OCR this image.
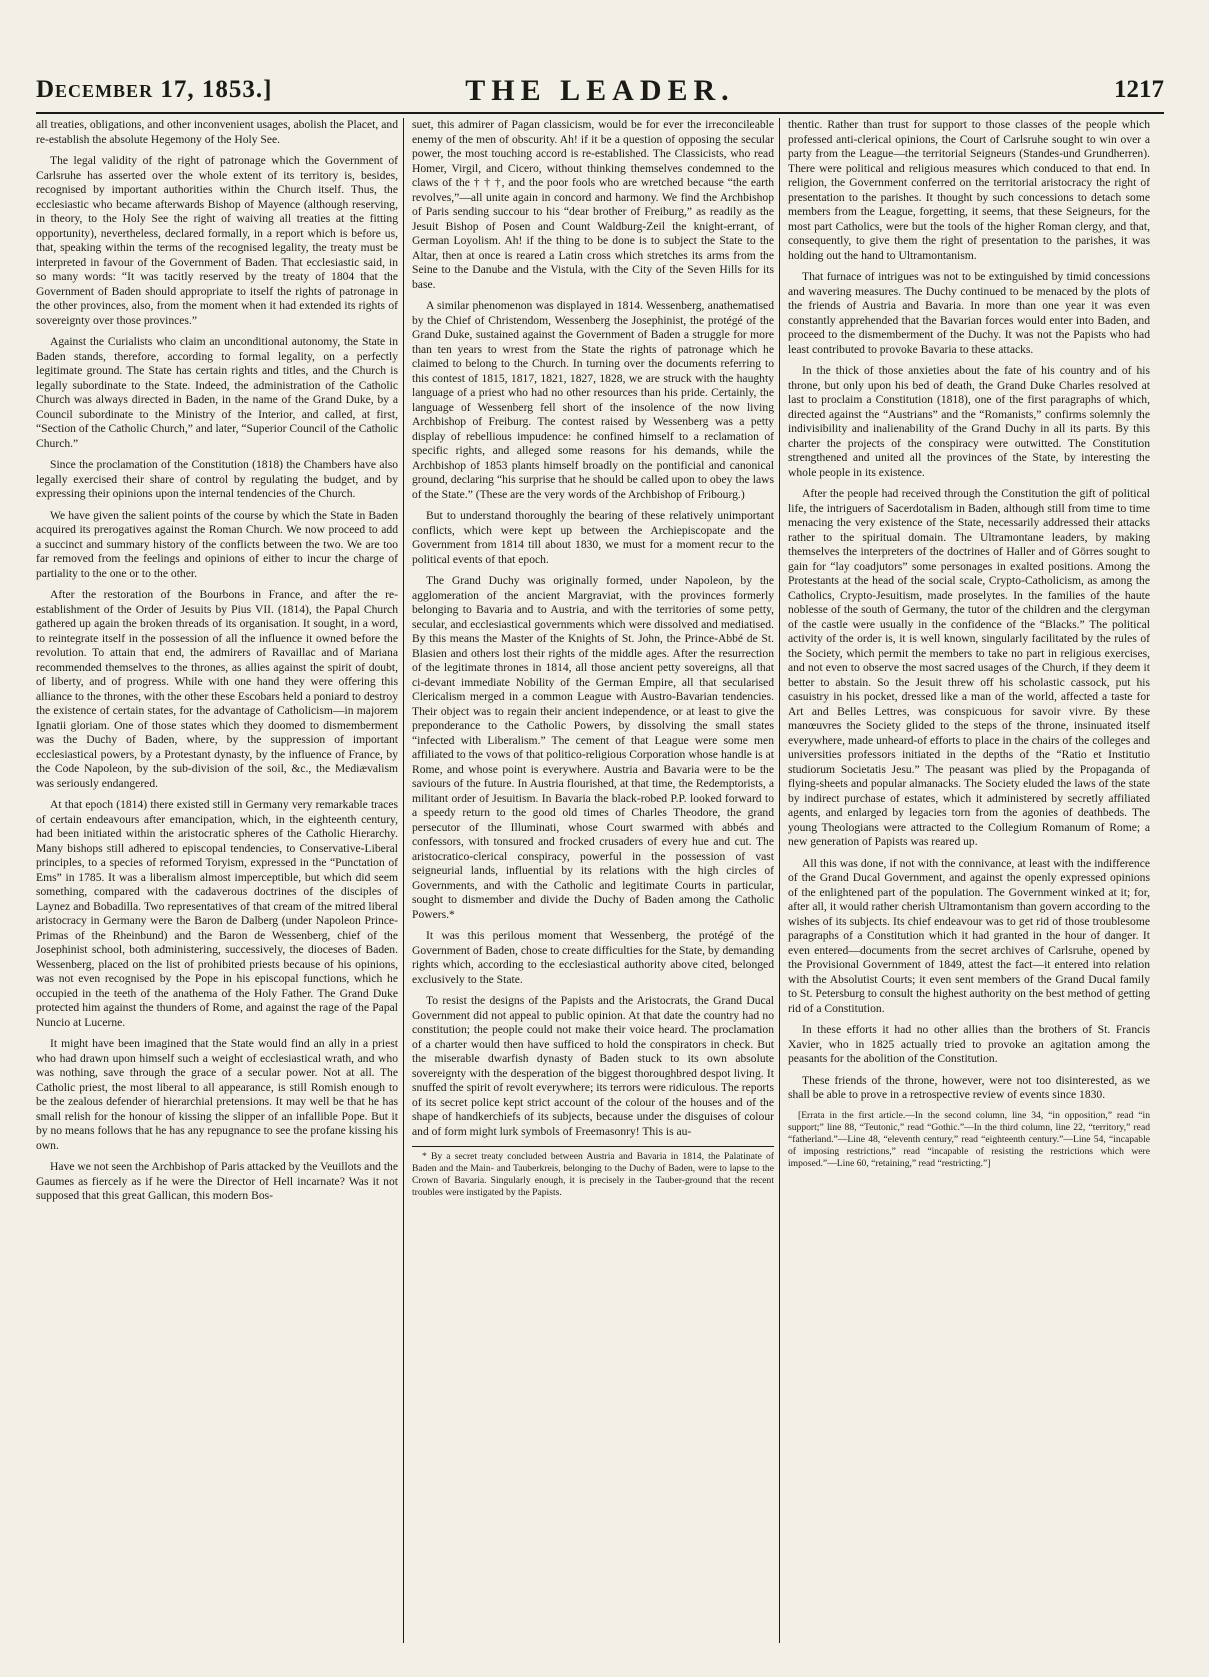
December 17, 1853.]	THE LEADER.	1217

all treaties, obligations, and other inconvenient usages, abolish the Placet, and re-establish the absolute Hegemony of the Holy See.

The legal validity of the right of patronage which the Government of Carlsruhe has asserted over the whole extent of its territory is, besides, recognised by important authorities within the Church itself. Thus, the ecclesiastic who became afterwards Bishop of Mayence (although reserving, in theory, to the Holy See the right of waiving all treaties at the fitting opportunity), nevertheless, declared formally, in a report which is before us, that, speaking within the terms of the recognised legality, the treaty must be interpreted in favour of the Government of Baden. That ecclesiastic said, in so many words: “It was tacitly reserved by the treaty of 1804 that the Government of Baden should appropriate to itself the rights of patronage in the other provinces, also, from the moment when it had extended its rights of sovereignty over those provinces.”

Against the Curialists who claim an unconditional autonomy, the State in Baden stands, therefore, according to formal legality, on a perfectly legitimate ground. The State has certain rights and titles, and the Church is legally subordinate to the State. Indeed, the administration of the Catholic Church was always directed in Baden, in the name of the Grand Duke, by a Council subordinate to the Ministry of the Interior, and called, at first, “Section of the Catholic Church,” and later, “Superior Council of the Catholic Church.”

Since the proclamation of the Constitution (1818) the Chambers have also legally exercised their share of control by regulating the budget, and by expressing their opinions upon the internal tendencies of the Church.

We have given the salient points of the course by which the State in Baden acquired its prerogatives against the Roman Church. We now proceed to add a succinct and summary history of the conflicts between the two. We are too far removed from the feelings and opinions of either to incur the charge of partiality to the one or to the other.

After the restoration of the Bourbons in France, and after the re-establishment of the Order of Jesuits by Pius VII. (1814), the Papal Church gathered up again the broken threads of its organisation. It sought, in a word, to reintegrate itself in the possession of all the influence it owned before the revolution. To attain that end, the admirers of Ravaillac and of Mariana recommended themselves to the thrones, as allies against the spirit of doubt, of liberty, and of progress. While with one hand they were offering this alliance to the thrones, with the other these Escobars held a poniard to destroy the existence of certain states, for the advantage of Catholicism—in majorem Ignatii gloriam. One of those states which they doomed to dismemberment was the Duchy of Baden, where, by the suppression of important ecclesiastical powers, by a Protestant dynasty, by the influence of France, by the Code Napoleon, by the sub-division of the soil, &c., the Mediævalism was seriously endangered.

At that epoch (1814) there existed still in Germany very remarkable traces of certain endeavours after emancipation, which, in the eighteenth century, had been initiated within the aristocratic spheres of the Catholic Hierarchy. Many bishops still adhered to episcopal tendencies, to Conservative-Liberal principles, to a species of reformed Toryism, expressed in the “Punctation of Ems” in 1785. It was a liberalism almost imperceptible, but which did seem something, compared with the cadaverous doctrines of the disciples of Laynez and Bobadilla. Two representatives of that cream of the mitred liberal aristocracy in Germany were the Baron de Dalberg (under Napoleon Prince-Primas of the Rheinbund) and the Baron de Wessenberg, chief of the Josephinist school, both administering, successively, the dioceses of Baden. Wessenberg, placed on the list of prohibited priests because of his opinions, was not even recognised by the Pope in his episcopal functions, which he occupied in the teeth of the anathema of the Holy Father. The Grand Duke protected him against the thunders of Rome, and against the rage of the Papal Nuncio at Lucerne.

It might have been imagined that the State would find an ally in a priest who had drawn upon himself such a weight of ecclesiastical wrath, and who was nothing, save through the grace of a secular power. Not at all. The Catholic priest, the most liberal to all appearance, is still Romish enough to be the zealous defender of hierarchial pretensions. It may well be that he has small relish for the honour of kissing the slipper of an infallible Pope. But it by no means follows that he has any repugnance to see the profane kissing his own.

Have we not seen the Archbishop of Paris attacked by the Veuillots and the Gaumes as fiercely as if he were the Director of Hell incarnate? Was it not supposed that this great Gallican, this modern Bos-

suet, this admirer of Pagan classicism, would be for ever the irreconcileable enemy of the men of obscurity. Ah! if it be a question of opposing the secular power, the most touching accord is re-established. The Classicists, who read Homer, Virgil, and Cicero, without thinking themselves condemned to the claws of the † † †, and the poor fools who are wretched because “the earth revolves,”—all unite again in concord and harmony. We find the Archbishop of Paris sending succour to his “dear brother of Freiburg,” as readily as the Jesuit Bishop of Posen and Count Waldburg-Zeil the knight-errant, of German Loyolism. Ah! if the thing to be done is to subject the State to the Altar, then at once is reared a Latin cross which stretches its arms from the Seine to the Danube and the Vistula, with the City of the Seven Hills for its base.

A similar phenomenon was displayed in 1814. Wessenberg, anathematised by the Chief of Christendom, Wessenberg the Josephinist, the protégé of the Grand Duke, sustained against the Government of Baden a struggle for more than ten years to wrest from the State the rights of patronage which he claimed to belong to the Church. In turning over the documents referring to this contest of 1815, 1817, 1821, 1827, 1828, we are struck with the haughty language of a priest who had no other resources than his pride. Certainly, the language of Wessenberg fell short of the insolence of the now living Archbishop of Freiburg. The contest raised by Wessenberg was a petty display of rebellious impudence: he confined himself to a reclamation of specific rights, and alleged some reasons for his demands, while the Archbishop of 1853 plants himself broadly on the pontificial and canonical ground, declaring “his surprise that he should be called upon to obey the laws of the State.” (These are the very words of the Archbishop of Fribourg.)

But to understand thoroughly the bearing of these relatively unimportant conflicts, which were kept up between the Archiepiscopate and the Government from 1814 till about 1830, we must for a moment recur to the political events of that epoch.

The Grand Duchy was originally formed, under Napoleon, by the agglomeration of the ancient Margraviat, with the provinces formerly belonging to Bavaria and to Austria, and with the territories of some petty, secular, and ecclesiastical governments which were dissolved and mediatised. By this means the Master of the Knights of St. John, the Prince-Abbé de St. Blasien and others lost their rights of the middle ages. After the resurrection of the legitimate thrones in 1814, all those ancient petty sovereigns, all that ci-devant immediate Nobility of the German Empire, all that secularised Clericalism merged in a common League with Austro-Bavarian tendencies. Their object was to regain their ancient independence, or at least to give the preponderance to the Catholic Powers, by dissolving the small states “infected with Liberalism.” The cement of that League were some men affiliated to the vows of that politico-religious Corporation whose handle is at Rome, and whose point is everywhere. Austria and Bavaria were to be the saviours of the future. In Austria flourished, at that time, the Redemptorists, a militant order of Jesuitism. In Bavaria the black-robed P.P. looked forward to a speedy return to the good old times of Charles Theodore, the grand persecutor of the Illuminati, whose Court swarmed with abbés and confessors, with tonsured and frocked crusaders of every hue and cut. The aristocratico-clerical conspiracy, powerful in the possession of vast seigneurial lands, influential by its relations with the high circles of Governments, and with the Catholic and legitimate Courts in particular, sought to dismember and divide the Duchy of Baden among the Catholic Powers.*

It was this perilous moment that Wessenberg, the protégé of the Government of Baden, chose to create difficulties for the State, by demanding rights which, according to the ecclesiastical authority above cited, belonged exclusively to the State.

To resist the designs of the Papists and the Aristocrats, the Grand Ducal Government did not appeal to public opinion. At that date the country had no constitution; the people could not make their voice heard. The proclamation of a charter would then have sufficed to hold the conspirators in check. But the miserable dwarfish dynasty of Baden stuck to its own absolute sovereignty with the desperation of the biggest thoroughbred despot living. It snuffed the spirit of revolt everywhere; its terrors were ridiculous. The reports of its secret police kept strict account of the colour of the houses and of the shape of handkerchiefs of its subjects, because under the disguises of colour and of form might lurk symbols of Freemasonry! This is au-

* By a secret treaty concluded between Austria and Bavaria in 1814, the Palatinate of Baden and the Main- and Tauberkreis, belonging to the Duchy of Baden, were to lapse to the Crown of Bavaria. Singularly enough, it is precisely in the Tauber-ground that the recent troubles were instigated by the Papists.

thentic. Rather than trust for support to those classes of the people which professed anti-clerical opinions, the Court of Carlsruhe sought to win over a party from the League—the territorial Seigneurs (Standes-und Grundherren). There were political and religious measures which conduced to that end. In religion, the Government conferred on the territorial aristocracy the right of presentation to the parishes. It thought by such concessions to detach some members from the League, forgetting, it seems, that these Seigneurs, for the most part Catholics, were but the tools of the higher Roman clergy, and that, consequently, to give them the right of presentation to the parishes, it was holding out the hand to Ultramontanism.

That furnace of intrigues was not to be extinguished by timid concessions and wavering measures. The Duchy continued to be menaced by the plots of the friends of Austria and Bavaria. In more than one year it was even constantly apprehended that the Bavarian forces would enter into Baden, and proceed to the dismemberment of the Duchy. It was not the Papists who had least contributed to provoke Bavaria to these attacks.

In the thick of those anxieties about the fate of his country and of his throne, but only upon his bed of death, the Grand Duke Charles resolved at last to proclaim a Constitution (1818), one of the first paragraphs of which, directed against the “Austrians” and the “Romanists,” confirms solemnly the indivisibility and inalienability of the Grand Duchy in all its parts. By this charter the projects of the conspiracy were outwitted. The Constitution strengthened and united all the provinces of the State, by interesting the whole people in its existence.

After the people had received through the Constitution the gift of political life, the intriguers of Sacerdotalism in Baden, although still from time to time menacing the very existence of the State, necessarily addressed their attacks rather to the spiritual domain. The Ultramontane leaders, by making themselves the interpreters of the doctrines of Haller and of Görres sought to gain for “lay coadjutors” some personages in exalted positions. Among the Protestants at the head of the social scale, Crypto-Catholicism, as among the Catholics, Crypto-Jesuitism, made proselytes. In the families of the haute noblesse of the south of Germany, the tutor of the children and the clergyman of the castle were usually in the confidence of the “Blacks.” The political activity of the order is, it is well known, singularly facilitated by the rules of the Society, which permit the members to take no part in religious exercises, and not even to observe the most sacred usages of the Church, if they deem it better to abstain. So the Jesuit threw off his scholastic cassock, put his casuistry in his pocket, dressed like a man of the world, affected a taste for Art and Belles Lettres, was conspicuous for savoir vivre. By these manœuvres the Society glided to the steps of the throne, insinuated itself everywhere, made unheard-of efforts to place in the chairs of the colleges and universities professors initiated in the depths of the “Ratio et Institutio studiorum Societatis Jesu.” The peasant was plied by the Propaganda of flying-sheets and popular almanacks. The Society eluded the laws of the state by indirect purchase of estates, which it administered by secretly affiliated agents, and enlarged by legacies torn from the agonies of deathbeds. The young Theologians were attracted to the Collegium Romanum of Rome; a new generation of Papists was reared up.

All this was done, if not with the connivance, at least with the indifference of the Grand Ducal Government, and against the openly expressed opinions of the enlightened part of the population. The Government winked at it; for, after all, it would rather cherish Ultramontanism than govern according to the wishes of its subjects. Its chief endeavour was to get rid of those troublesome paragraphs of a Constitution which it had granted in the hour of danger. It even entered—documents from the secret archives of Carlsruhe, opened by the Provisional Government of 1849, attest the fact—it entered into relation with the Absolutist Courts; it even sent members of the Grand Ducal family to St. Petersburg to consult the highest authority on the best method of getting rid of a Constitution.

In these efforts it had no other allies than the brothers of St. Francis Xavier, who in 1825 actually tried to provoke an agitation among the peasants for the abolition of the Constitution.

These friends of the throne, however, were not too disinterested, as we shall be able to prove in a retrospective review of events since 1830.

[Errata in the first article.—In the second column, line 34, “in opposition,” read “in support;” line 88, “Teutonic,” read “Gothic.”—In the third column, line 22, “territory,” read “fatherland.”—Line 48, “eleventh century,” read “eighteenth century.”—Line 54, “incapable of imposing restrictions,” read “incapable of resisting the restrictions which were imposed.”—Line 60, “retaining,” read “restricting.”]
